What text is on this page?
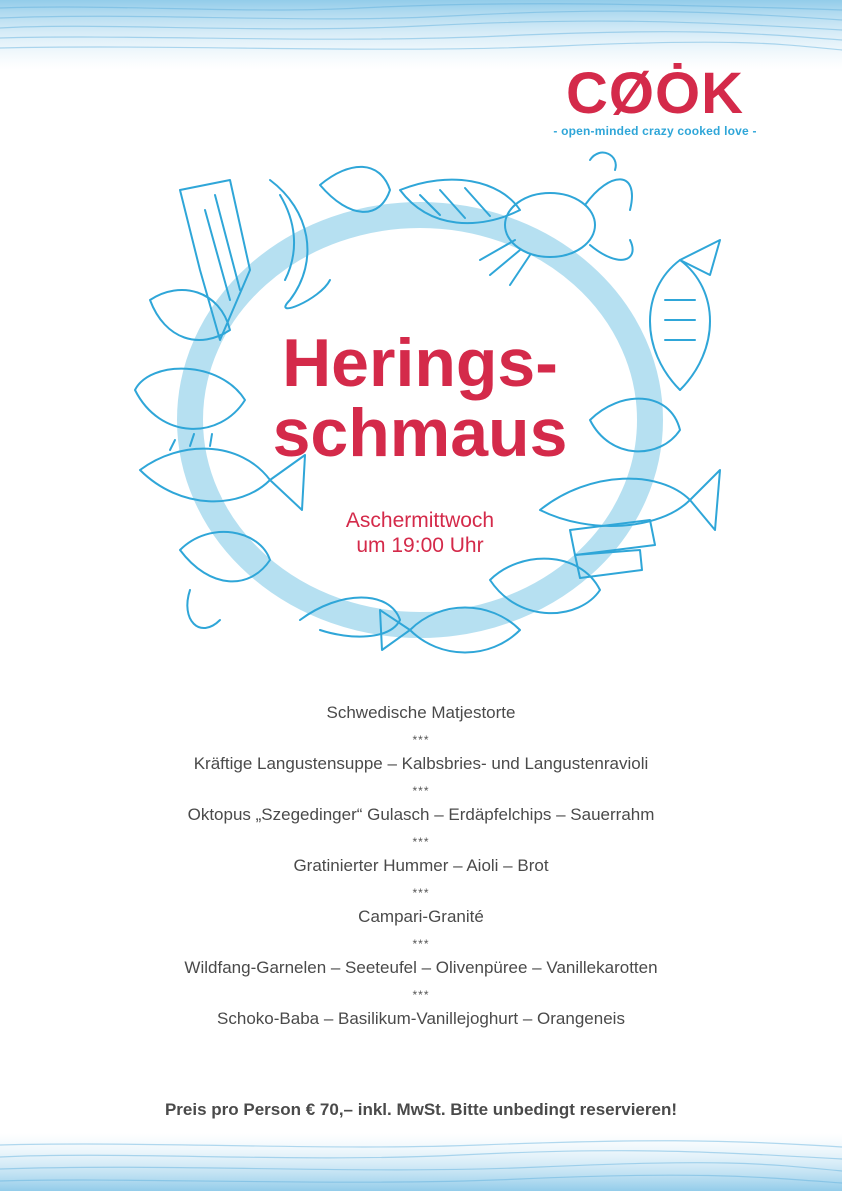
CØȮK
- open-minded crazy cooked love -
Herings-
schmaus
Aschermittwoch
um 19:00 Uhr
Schwedische Matjestorte
***
Kräftige Langustensuppe – Kalbsbries- und Langustenravioli
***
Oktopus „Szegedinger“ Gulasch – Erdäpfelchips – Sauerrahm
***
Gratinierter Hummer – Aioli – Brot
***
Campari-Granité
***
Wildfang-Garnelen – Seeteufel – Olivenpüree – Vanillekarotten
***
Schoko-Baba – Basilikum-Vanillejoghurt – Orangeneis
Preis pro Person € 70,– inkl. MwSt. Bitte unbedingt reservieren!
